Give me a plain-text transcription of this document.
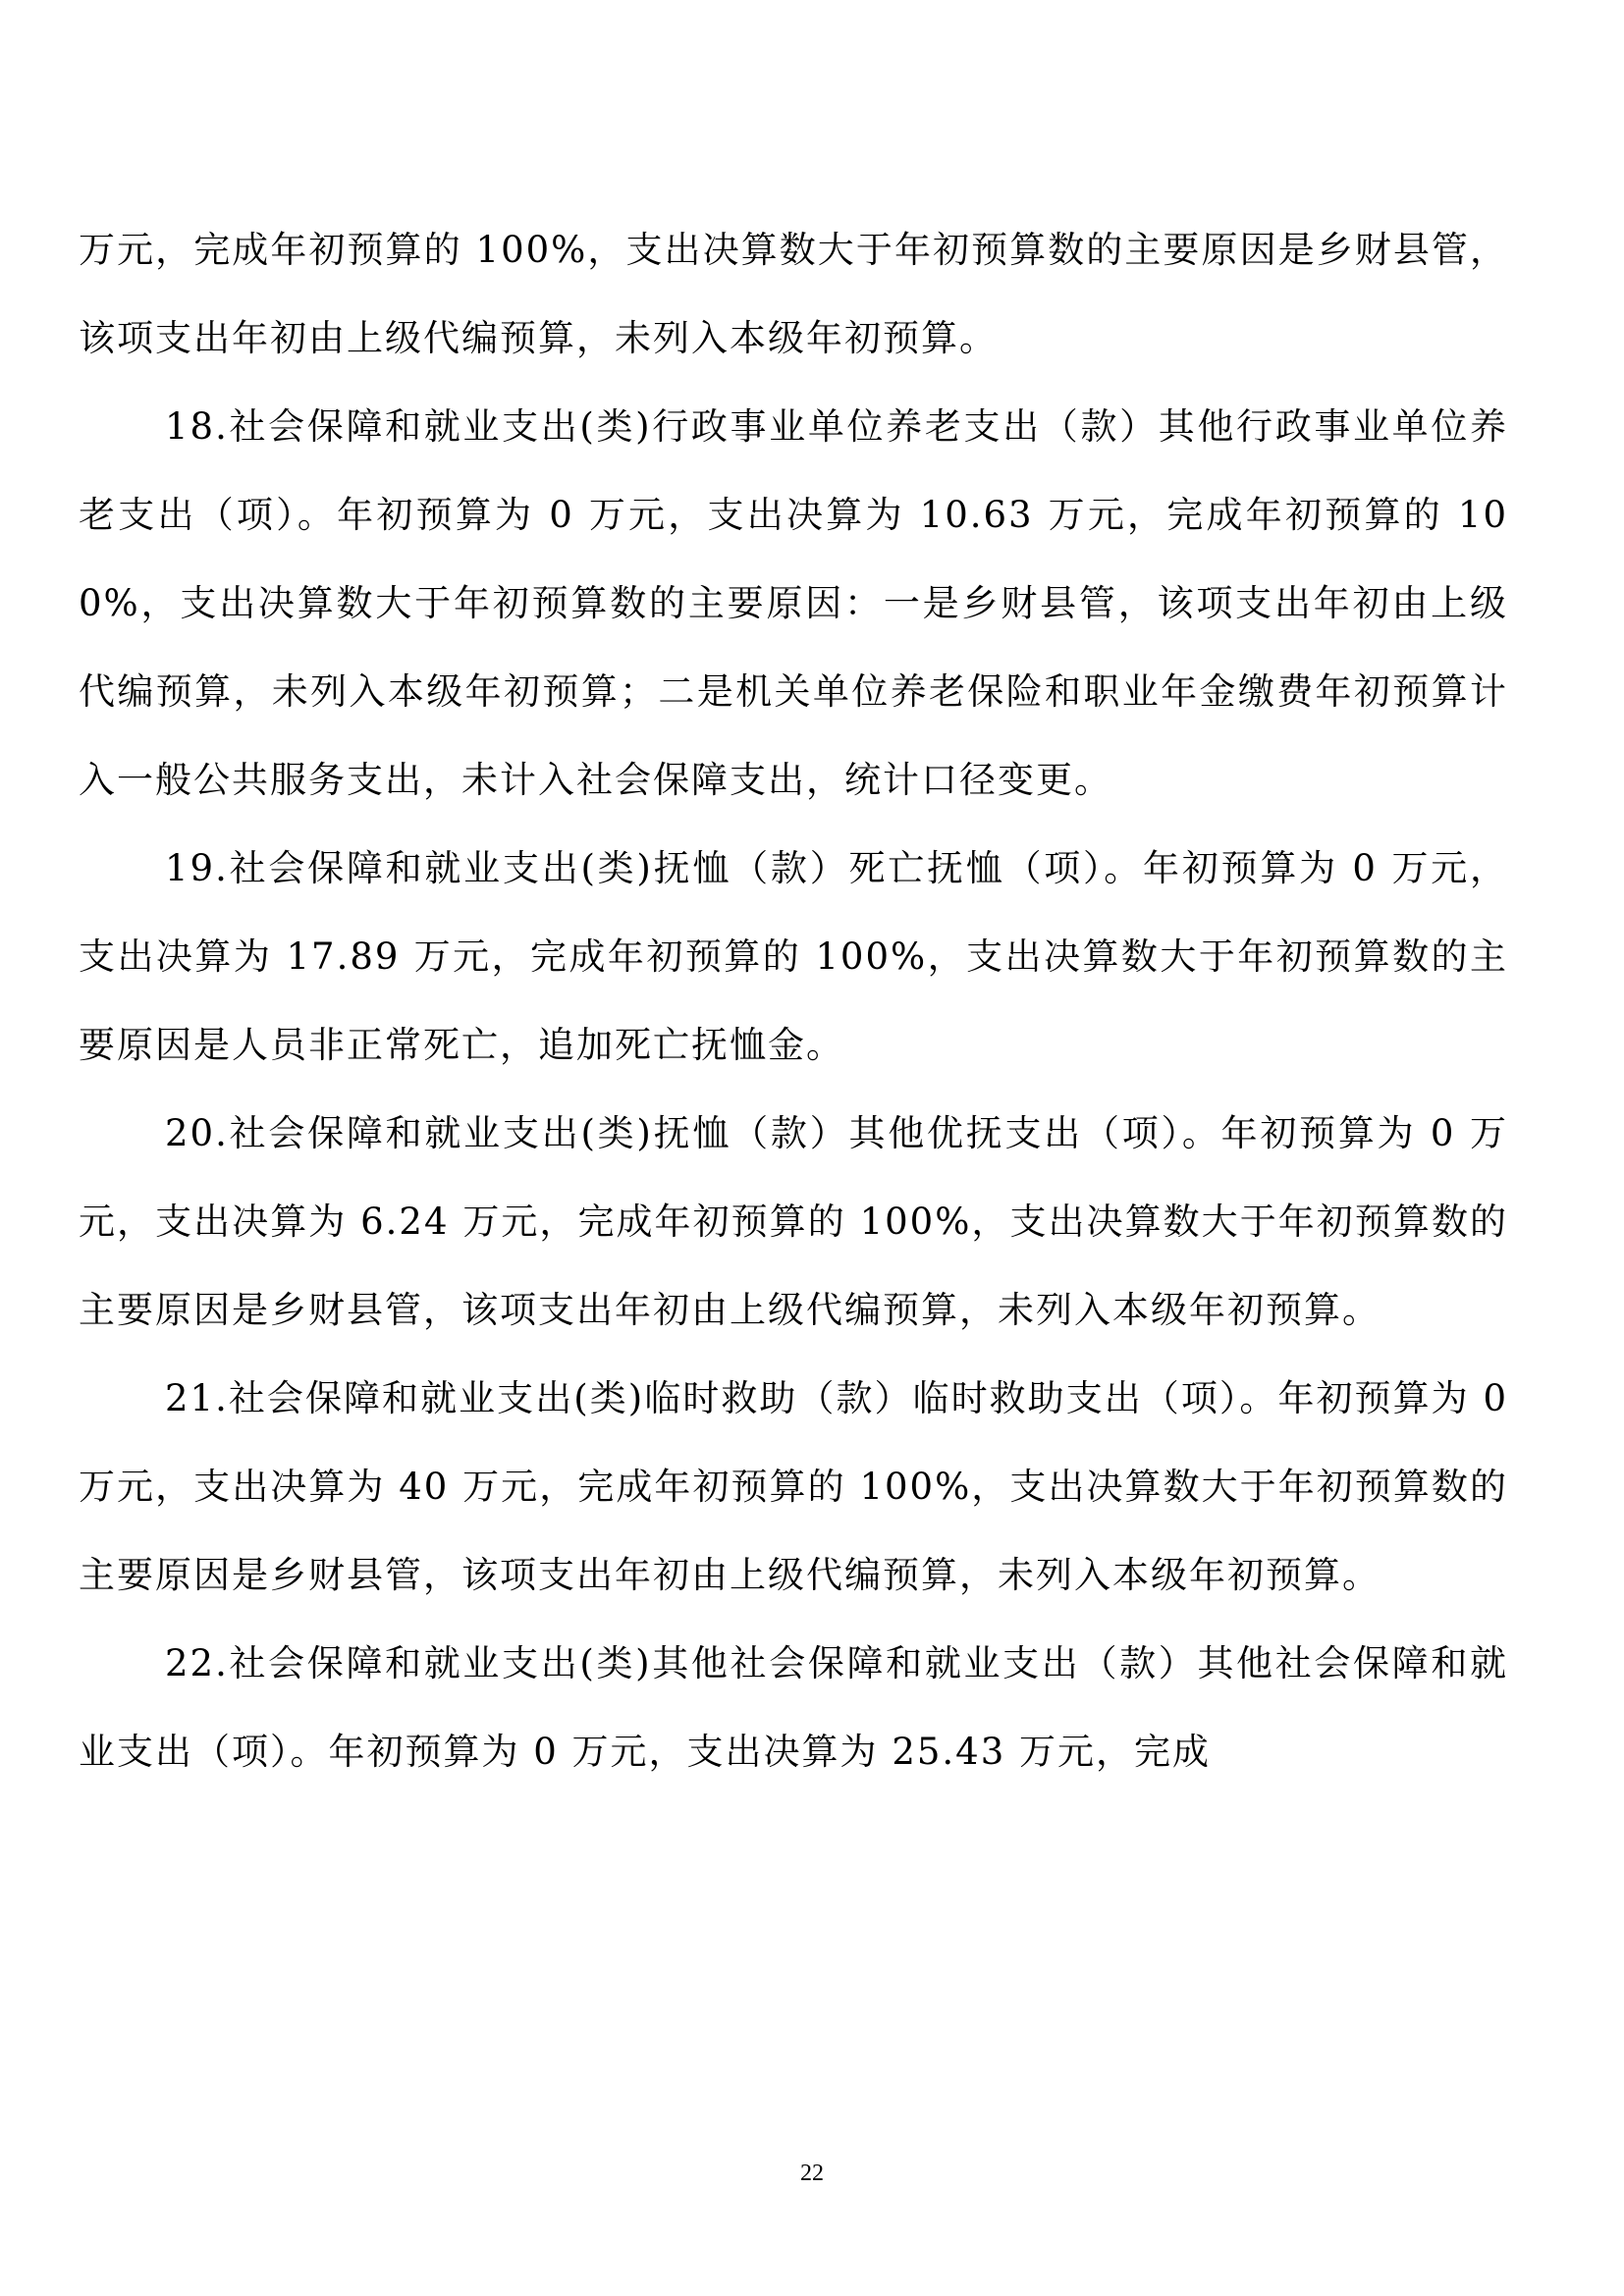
万元，完成年初预算的 100%，支出决算数大于年初预算数的主要原因是乡财县管，该项支出年初由上级代编预算，未列入本级年初预算。

18.社会保障和就业支出(类)行政事业单位养老支出（款）其他行政事业单位养老支出（项）。年初预算为 0 万元，支出决算为 10.63 万元，完成年初预算的 100%，支出决算数大于年初预算数的主要原因：一是乡财县管，该项支出年初由上级代编预算，未列入本级年初预算；二是机关单位养老保险和职业年金缴费年初预算计入一般公共服务支出，未计入社会保障支出，统计口径变更。

19.社会保障和就业支出(类)抚恤（款）死亡抚恤（项）。年初预算为 0 万元，支出决算为 17.89 万元，完成年初预算的 100%，支出决算数大于年初预算数的主要原因是人员非正常死亡，追加死亡抚恤金。

20.社会保障和就业支出(类)抚恤（款）其他优抚支出（项）。年初预算为 0 万元，支出决算为 6.24 万元，完成年初预算的 100%，支出决算数大于年初预算数的主要原因是乡财县管，该项支出年初由上级代编预算，未列入本级年初预算。

21.社会保障和就业支出(类)临时救助（款）临时救助支出（项）。年初预算为 0 万元，支出决算为 40 万元，完成年初预算的 100%，支出决算数大于年初预算数的主要原因是乡财县管，该项支出年初由上级代编预算，未列入本级年初预算。

22.社会保障和就业支出(类)其他社会保障和就业支出（款）其他社会保障和就业支出（项）。年初预算为 0 万元，支出决算为 25.43 万元，完成

22
